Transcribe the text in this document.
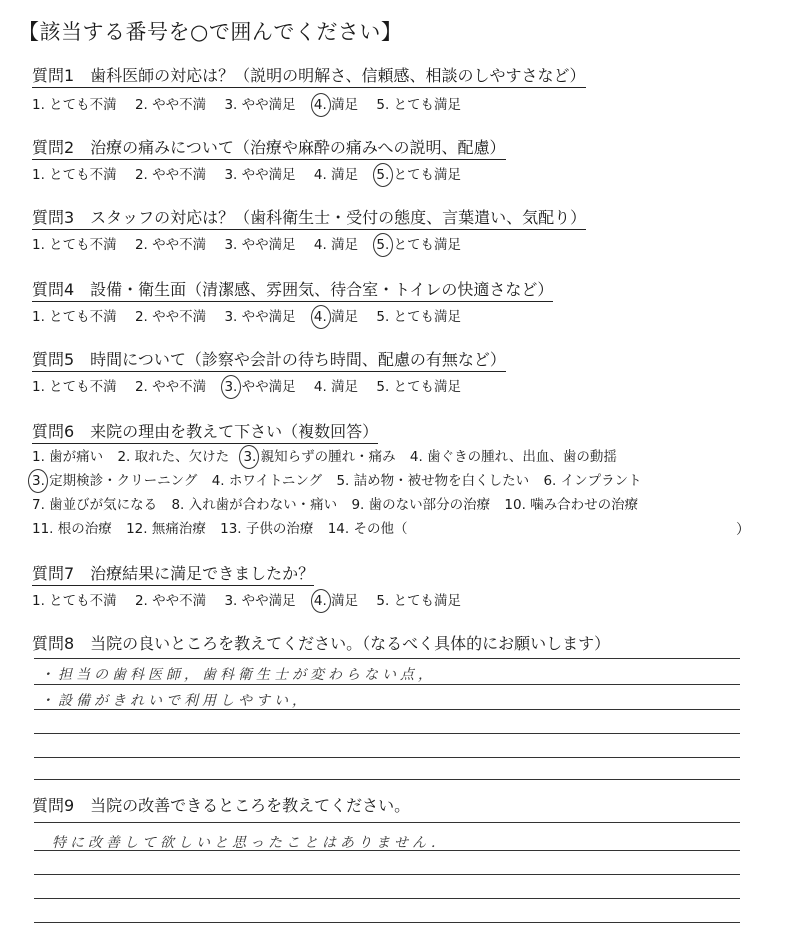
【該当する番号を○で囲んでください】
質問1　歯科医師の対応は？（説明の明解さ、信頼感、相談のしやすさなど）
1. とても不満 2. やや不満 3. やや満足 4. 満足 5. とても満足
質問2　治療の痛みについて（治療や麻酔の痛みへの説明、配慮）
1. とても不満 2. やや不満 3. やや満足 4. 満足 5. とても満足
質問3　スタッフの対応は？（歯科衛生士・受付の態度、言葉遣い、気配り）
1. とても不満 2. やや不満 3. やや満足 4. 満足 5. とても満足
質問4　設備・衛生面（清潔感、雰囲気、待合室・トイレの快適さなど）
1. とても不満 2. やや不満 3. やや満足 4. 満足 5. とても満足
質問5　時間について（診察や会計の待ち時間、配慮の有無など）
1. とても不満 2. やや不満 3. やや満足 4. 満足 5. とても満足
質問6　来院の理由を教えて下さい（複数回答）
1. 歯が痛い 2. 取れた、欠けた 3. 親知らずの腫れ・痛み 4. 歯ぐきの腫れ、出血、歯の動揺
3. 定期検診・クリーニング 4. ホワイトニング 5. 詰め物・被せ物を白くしたい 6. インプラント
7. 歯並びが気になる 8. 入れ歯が合わない・痛い 9. 歯のない部分の治療 10. 噛み合わせの治療
11. 根の治療 12. 無痛治療 13. 子供の治療 14. その他（	）
質問7　治療結果に満足できましたか？
1. とても不満 2. やや不満 3. やや満足 4. 満足 5. とても満足
質問8　当院の良いところを教えてください。（なるべく具体的にお願いします）
・担当の歯科医師，歯科衛生士が変わらない点，
・設備がきれいで利用しやすい，
質問9　当院の改善できるところを教えてください。
特に改善して欲しいと思ったことはありません．
